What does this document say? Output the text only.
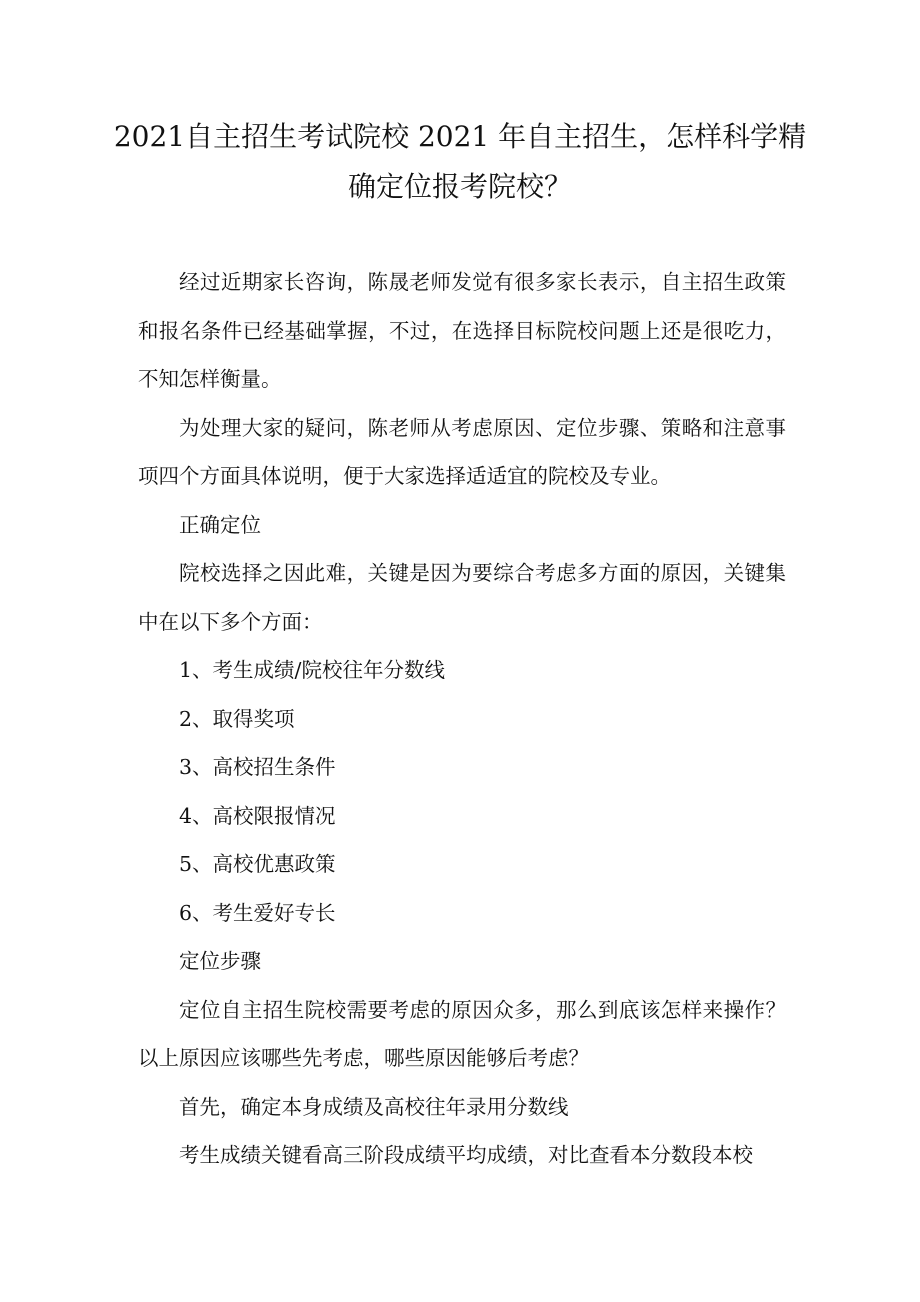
2021自主招生考试院校 2021 年自主招生，怎样科学精确定位报考院校？

经过近期家长咨询，陈晟老师发觉有很多家长表示，自主招生政策和报名条件已经基础掌握，不过，在选择目标院校问题上还是很吃力，不知怎样衡量。

为处理大家的疑问，陈老师从考虑原因、定位步骤、策略和注意事项四个方面具体说明，便于大家选择适适宜的院校及专业。

正确定位

院校选择之因此难，关键是因为要综合考虑多方面的原因，关键集中在以下多个方面：

1、考生成绩/院校往年分数线

2、取得奖项

3、高校招生条件

4、高校限报情况

5、高校优惠政策

6、考生爱好专长

定位步骤

定位自主招生院校需要考虑的原因众多，那么到底该怎样来操作？以上原因应该哪些先考虑，哪些原因能够后考虑？

首先，确定本身成绩及高校往年录用分数线

考生成绩关键看高三阶段成绩平均成绩，对比查看本分数段本校
